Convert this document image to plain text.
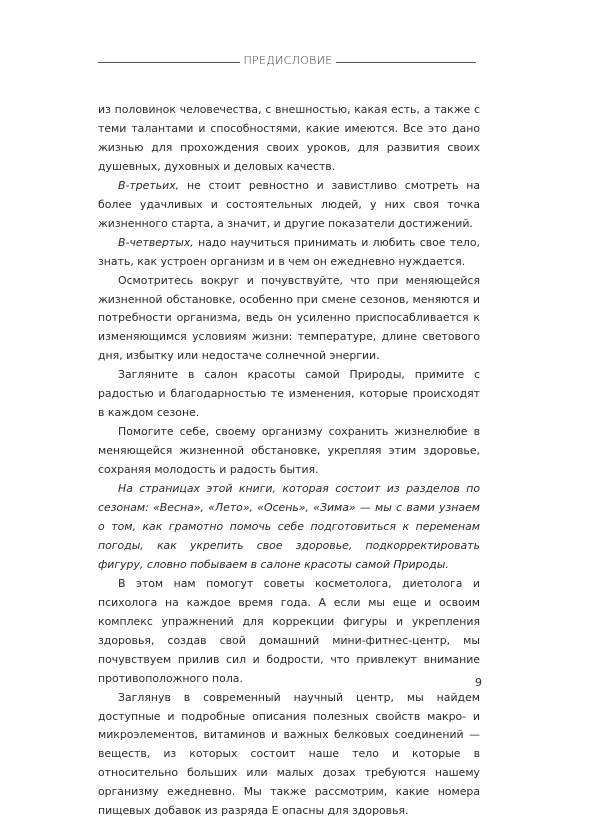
ПРЕДИСЛОВИЕ

из половинок человечества, с внешностью, какая есть, а также с теми талантами и способностями, какие имеются. Все это дано жизнью для прохождения своих уроков, для развития своих душевных, духовных и деловых качеств.

В-третьих, не стоит ревностно и завистливо смотреть на более удачливых и состоятельных людей, у них своя точка жизненного старта, а значит, и другие показатели достижений.

В-четвертых, надо научиться принимать и любить свое тело, знать, как устроен организм и в чем он ежедневно нуждается.

Осмотритесь вокруг и почувствуйте, что при меняющейся жизненной обстановке, особенно при смене сезонов, меняются и потребности организма, ведь он усиленно приспосабливается к изменяющимся условиям жизни: температуре, длине светового дня, избытку или недостаче солнечной энергии.

Загляните в салон красоты самой Природы, примите с радостью и благодарностью те изменения, которые происходят в каждом сезоне.

Помогите себе, своему организму сохранить жизнелюбие в меняющейся жизненной обстановке, укрепляя этим здоровье, сохраняя молодость и радость бытия.

На страницах этой книги, которая состоит из разделов по сезонам: «Весна», «Лето», «Осень», «Зима» — мы с вами узнаем о том, как грамотно помочь себе подготовиться к переменам погоды, как укрепить свое здоровье, подкорректировать фигуру, словно побываем в салоне красоты самой Природы.

В этом нам помогут советы косметолога, диетолога и психолога на каждое время года. А если мы еще и освоим комплекс упражнений для коррекции фигуры и укрепления здоровья, создав свой домашний мини-фитнес-центр, мы почувствуем прилив сил и бодрости, что привлекут внимание противоположного пола.

Заглянув в современный научный центр, мы найдем доступные и подробные описания полезных свойств макро- и микроэлементов, витаминов и важных белковых соединений — веществ, из которых состоит наше тело и которые в относительно больших или малых дозах требуются нашему организму ежедневно. Мы также рассмотрим, какие номера пищевых добавок из разряда Е опасны для здоровья.

9
